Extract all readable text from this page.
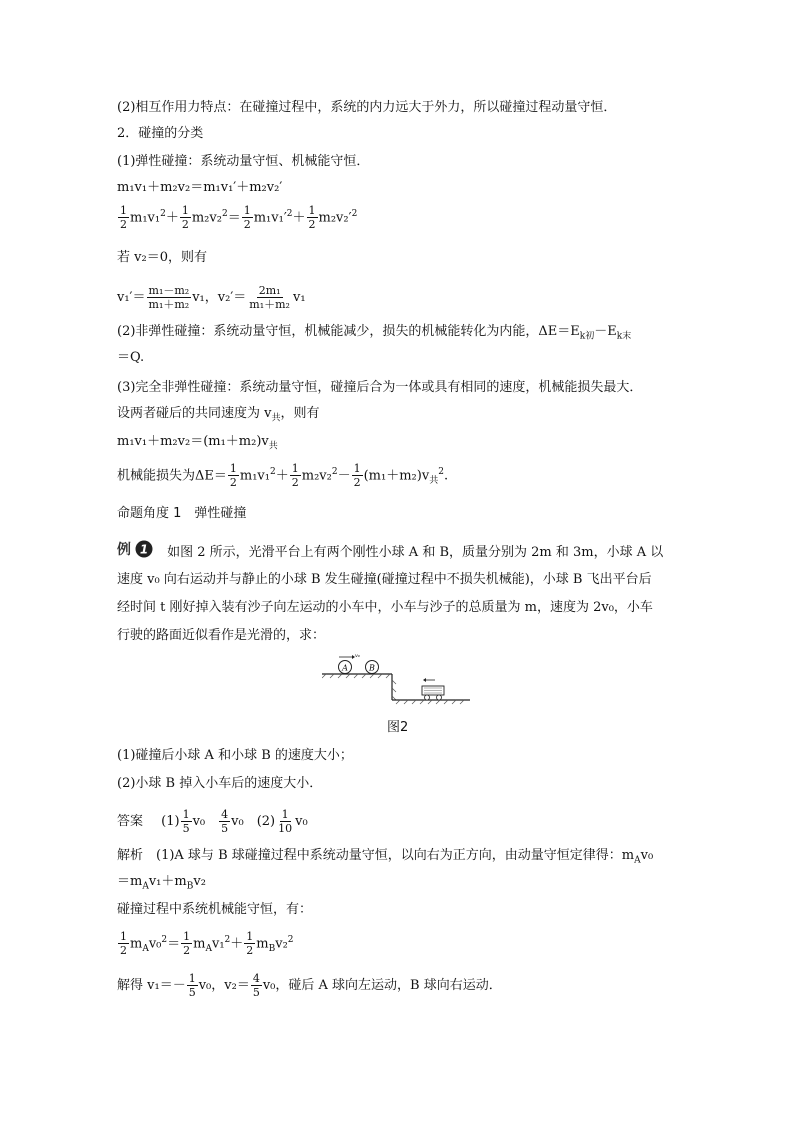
(2)相互作用力特点：在碰撞过程中，系统的内力远大于外力，所以碰撞过程动量守恒．
2．碰撞的分类
(1)弹性碰撞：系统动量守恒、机械能守恒．
m₁v₁＋m₂v₂＝m₁v₁′＋m₂v₂′
$\frac{1}{2} m_1v_1^2+ \frac{1}{2} m_2v_2^2= \frac{1}{2} m_1v_1'^2+ \frac{1}{2} m_2v_2'^2$
若 v₂＝0，则有
$v_1'= \frac{\text{m₁－m₂}}{\text{m₁＋m₂}} v_1$，$v_2'= \frac{\text{2m₁}}{\text{m₁＋m₂}} v_1$
(2)非弹性碰撞：系统动量守恒，机械能减少，损失的机械能转化为内能，$\Delta E=E_{k初}-E_{k末}$
＝Q.
(3)完全非弹性碰撞：系统动量守恒，碰撞后合为一体或具有相同的速度，机械能损失最大．
设两者碰后的共同速度为 $v_共$，则有
$m_1v_1+m_2v_2=(m_1+m_2)v_共$
机械能损失为$\Delta E= \frac{1}{2} m_1v_1^2+ \frac{1}{2} m_2v_2^2- \frac{1}{2} (m_1+m_2)v_共^2$.
命题角度 1　弹性碰撞
例 1 如图 2 所示，光滑平台上有两个刚性小球 A 和 B，质量分别为 2m 和 3m，小球 A 以
速度 v₀ 向右运动并与静止的小球 B 发生碰撞(碰撞过程中不损失机械能)，小球 B 飞出平台后
经时间 t 刚好掉入装有沙子向左运动的小车中，小车与沙子的总质量为 m，速度为 2v₀，小车
行驶的路面近似看作是光滑的，求：
A
v₀
B
图2
(1)碰撞后小球 A 和小球 B 的速度大小；
(2)小球 B 掉入小车后的速度大小．
答案 $(1) \frac{1}{5} v_0$　 $\frac{4}{5} v_0$　$(2) \frac{1}{10} v_0$
解析　(1)A 球与 B 球碰撞过程中系统动量守恒，以向右为正方向，由动量守恒定律得：$m_Av_0$
$=m_Av_1+m_Bv_2$
碰撞过程中系统机械能守恒，有：
$\frac{1}{2} m_Av_0^2= \frac{1}{2} m_Av_1^2+ \frac{1}{2} m_Bv_2^2$
解得 $v_1=- \frac{1}{5} v_0$，$v_2= \frac{4}{5} v_0$，碰后 A 球向左运动，B 球向右运动．
